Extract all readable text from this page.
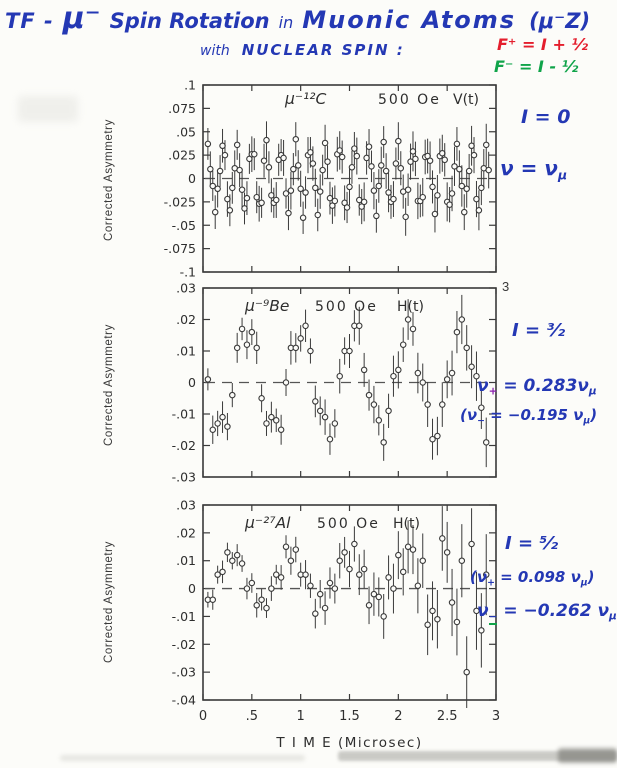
TF - μ⁻ Spin Rotation in Muonic Atoms (μ⁻Z)
with NUCLEAR SPIN :	F⁺ = I + ½
F⁻ = I - ½
Corrected Asymmetry
Corrected Asymmetry
Corrected Asymmetry
.1
.075
.05
.025
0
-.025
-.05
-.075
-.1
μ⁻¹²C	500 Oe V(t)
.03
.02
.01
0
-.01
-.02
-.03
μ⁻⁹Be 500 Oe H(t)
.03
.02
.01
0
-.01
-.02
-.03
-.04
0	.5	1	1.5	2	2.5	3
T I M E (Microsec)
μ⁻²⁷Al 500 Oe H(t)
3
I = 0
$\nu = \nu_\mu$
I = ³⁄₂
$\nu_+ = 0.283\nu_\mu$
($\nu_- = -0.195$ $\nu_\mu$)
I = ⁵⁄₂
($\nu_+ = 0.098$ $\nu_\mu$)
$\nu_- = -0.262$ $\nu_\mu$
